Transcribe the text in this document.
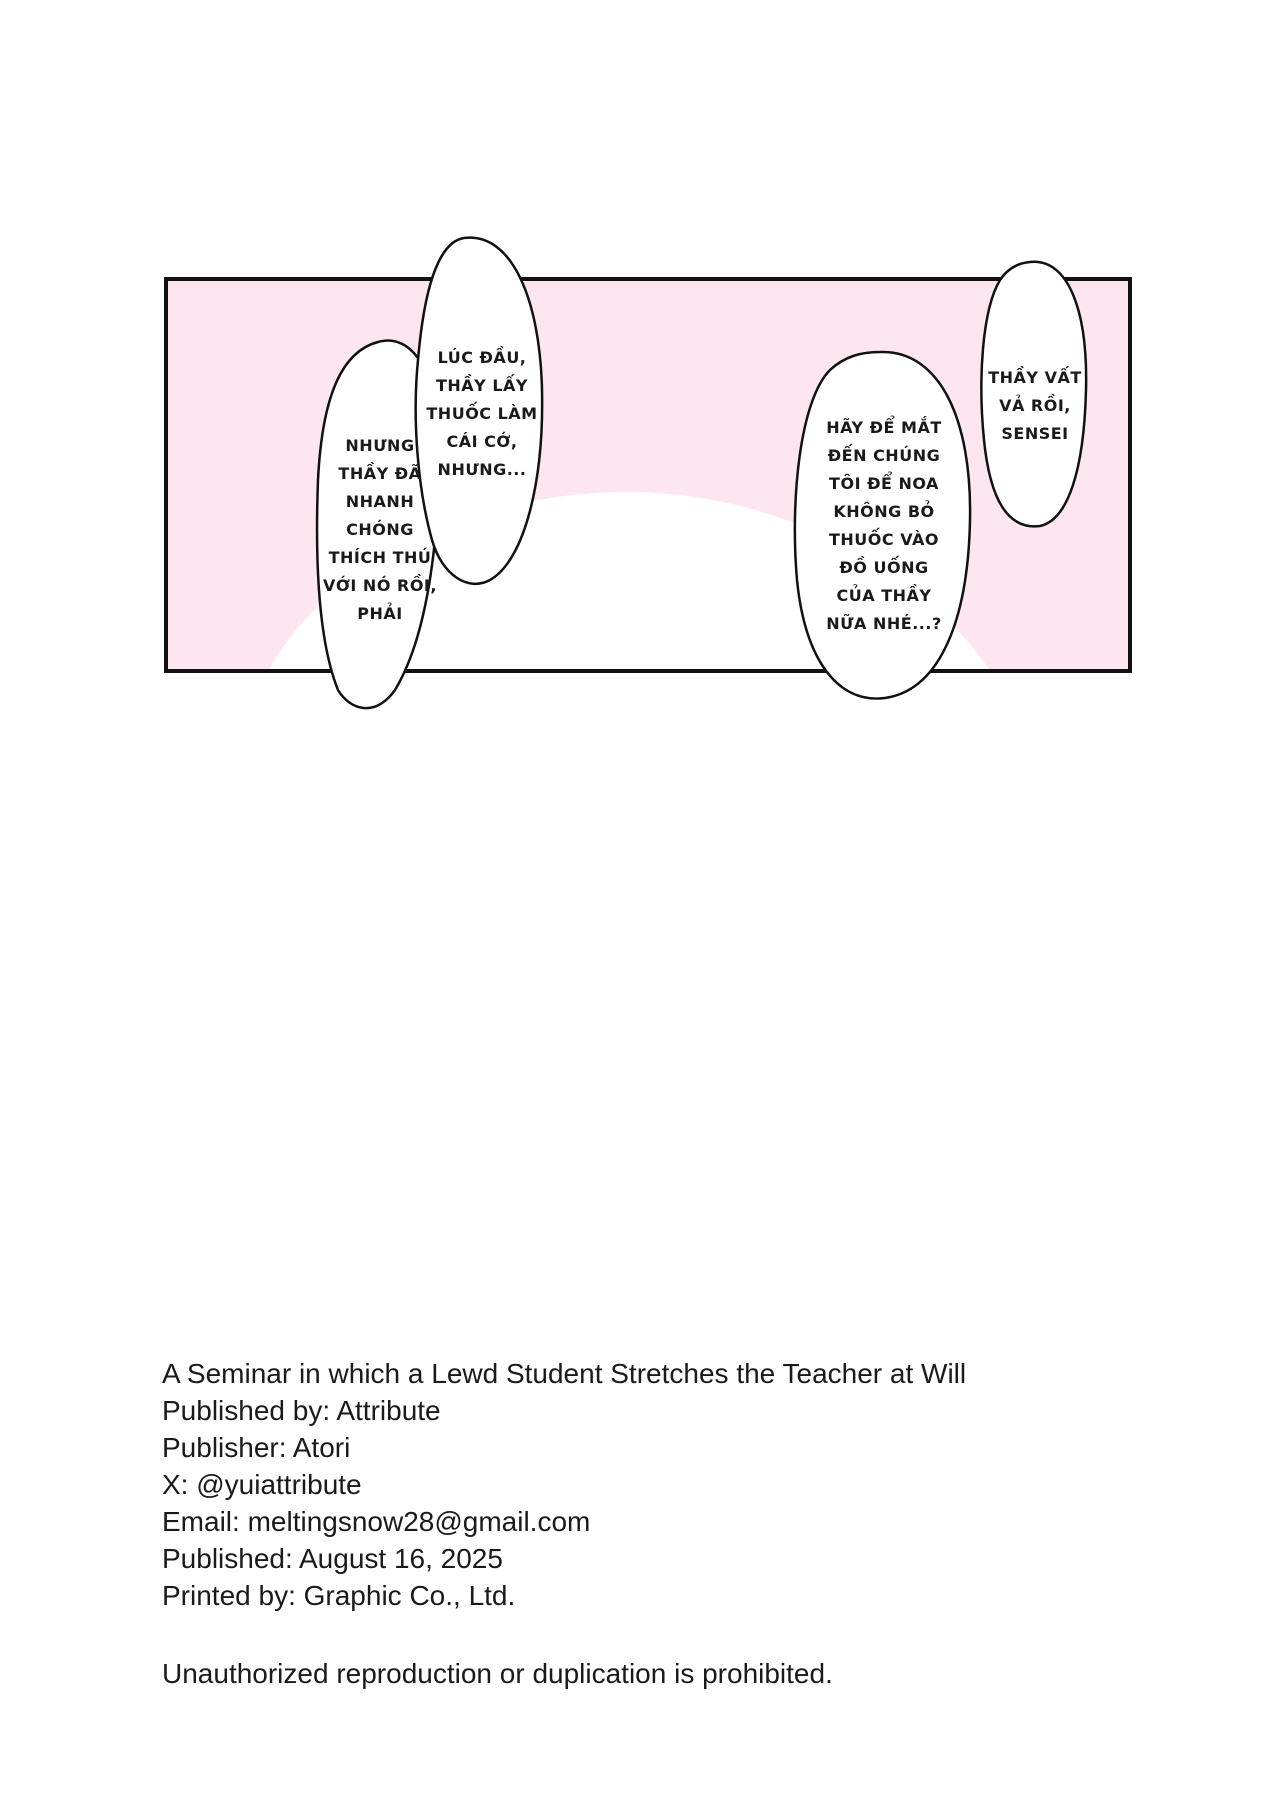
NHƯNG
THẦY ĐÃ
NHANH
CHÓNG
THÍCH THÚ
VỚI NÓ RỒI,
PHẢI
LÚC ĐẦU,
THẦY LẤY
THUỐC LÀM
CÁI CỚ,
NHƯNG...
HÃY ĐỂ MẮT
ĐẾN CHÚNG
TÔI ĐỂ NOA
KHÔNG BỎ
THUỐC VÀO
ĐỒ UỐNG
CỦA THẦY
NỮA NHÉ...?
THẦY VẤT
VẢ RỒI,
SENSEI
A Seminar in which a Lewd Student Stretches the Teacher at Will
Published by: Attribute
Publisher: Atori
X: @yuiattribute
Email: meltingsnow28@gmail.com
Published: August 16, 2025
Printed by: Graphic Co., Ltd.
Unauthorized reproduction or duplication is prohibited.
